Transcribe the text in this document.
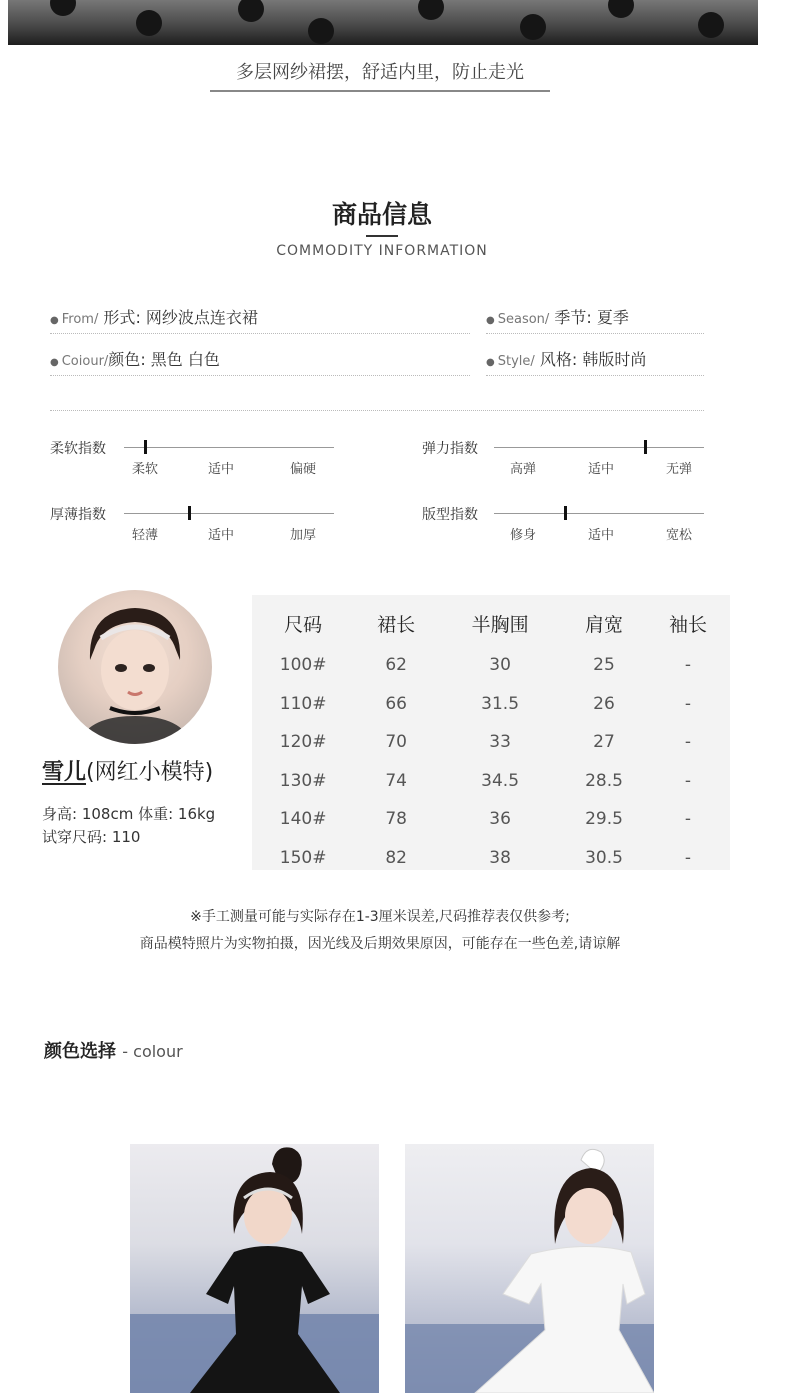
多层网纱裙摆，舒适内里，防止走光
商品信息
COMMODITY INFORMATION
● From/ 形式: 网纱波点连衣裙	● Season/ 季节: 夏季
● Coiour/颜色: 黑色 白色	● Style/ 风格: 韩版时尚
柔软指数
柔软	适中	偏硬
弹力指数
高弹	适中	无弹
厚薄指数
轻薄	适中	加厚
版型指数
修身	适中	宽松
雪儿(网红小模特)
身高: 108cm 体重: 16kg
试穿尺码: 110
尺码	裙长	半胸围	肩宽	袖长
100#	62	30	25	-
110#	66	31.5	26	-
120#	70	33	27	-
130#	74	34.5	28.5	-
140#	78	36	29.5	-
150#	82	38	30.5	-
※手工测量可能与实际存在1-3厘米误差,尺码推荐表仅供参考;
商品模特照片为实物拍摄，因光线及后期效果原因，可能存在一些色差,请谅解
颜色选择 - colour
